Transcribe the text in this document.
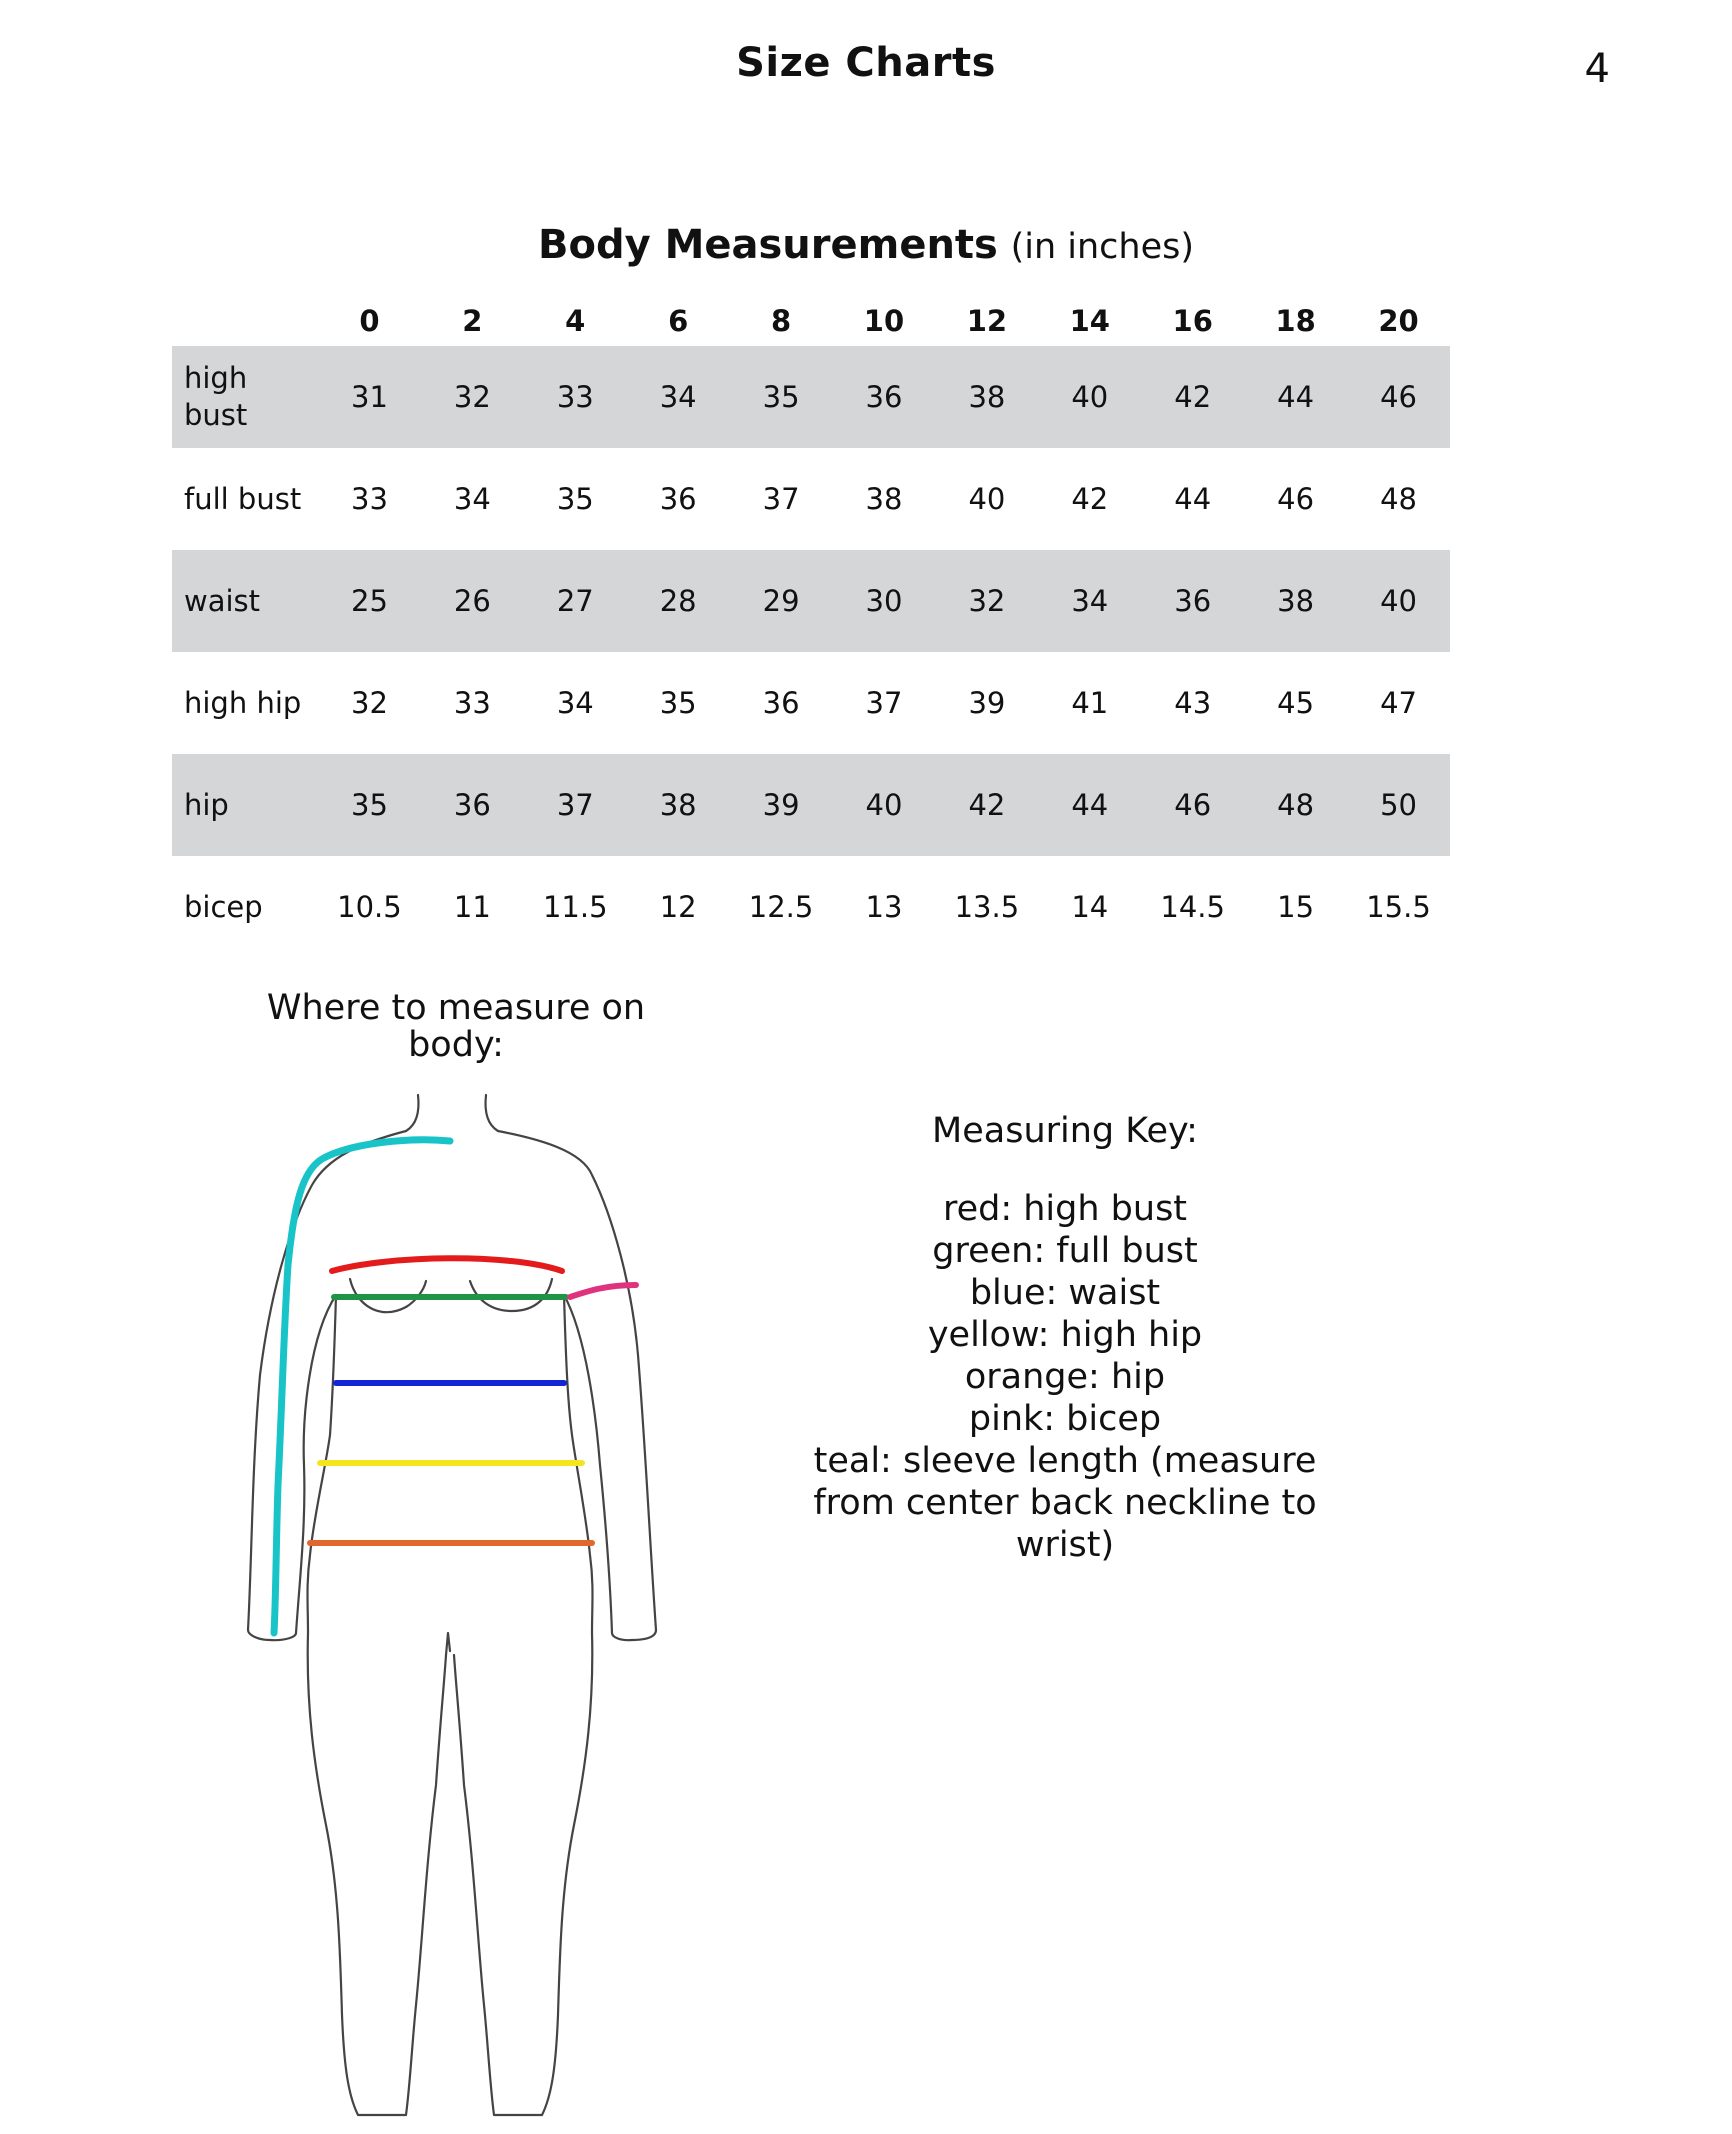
Size Charts	4
Body Measurements (in inches)
	0	2	4	6	8	10	12	14	16	18	20
high bust	31	32	33	34	35	36	38	40	42	44	46
full bust	33	34	35	36	37	38	40	42	44	46	48
waist	25	26	27	28	29	30	32	34	36	38	40
high hip	32	33	34	35	36	37	39	41	43	45	47
hip	35	36	37	38	39	40	42	44	46	48	50
bicep	10.5	11	11.5	12	12.5	13	13.5	14	14.5	15	15.5
Where to measure on body:
Measuring Key:
red: high bust
green: full bust
blue: waist
yellow: high hip
orange: hip
pink: bicep
teal: sleeve length (measure from center back neckline to wrist)
